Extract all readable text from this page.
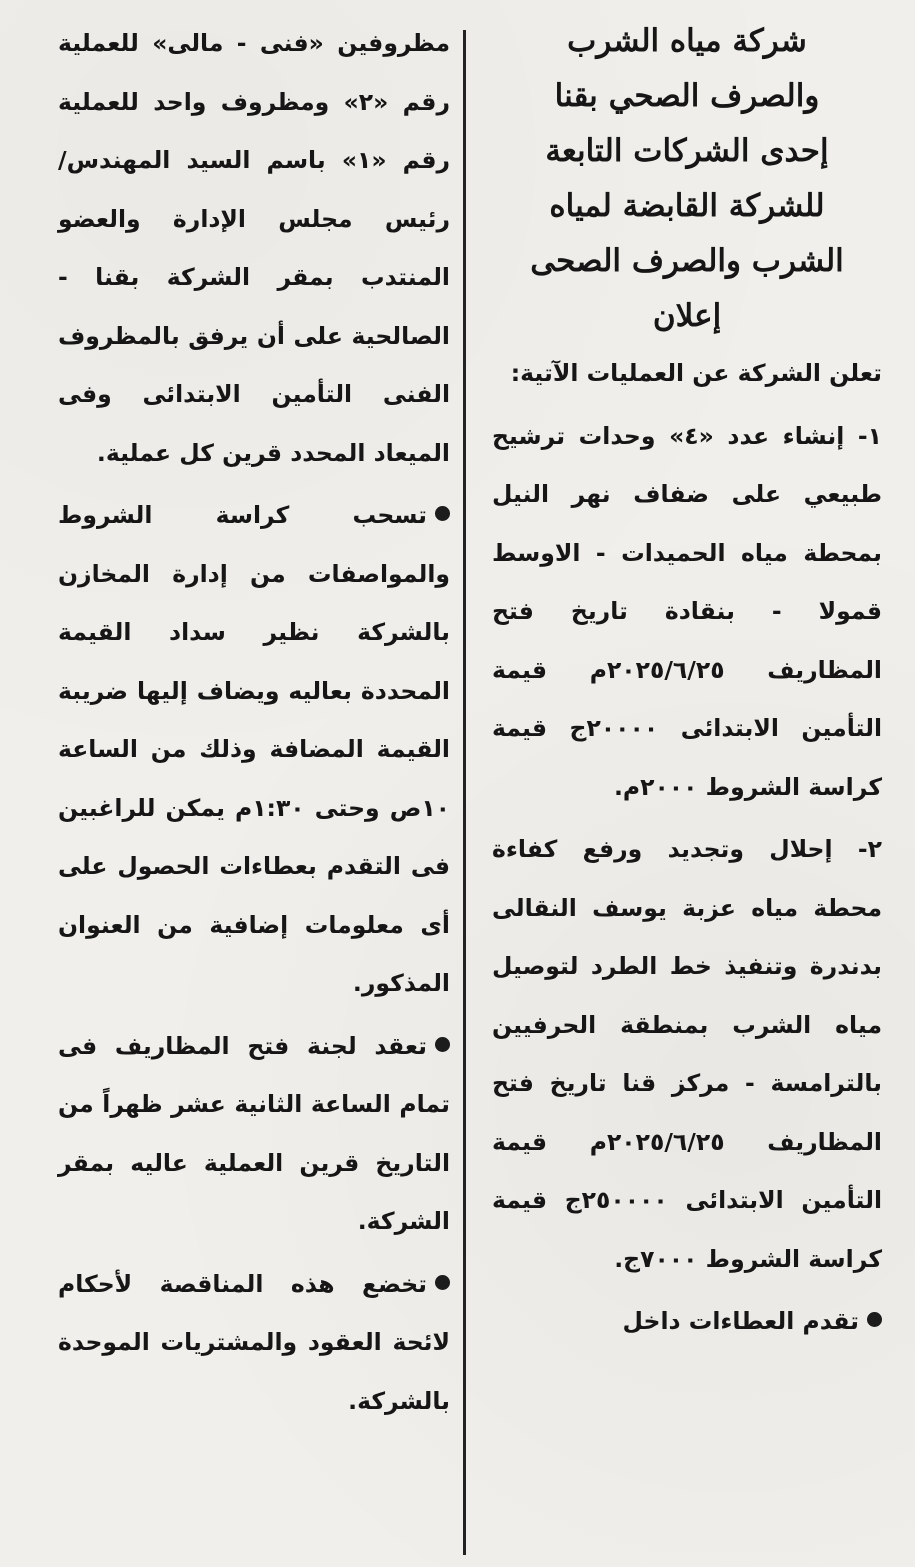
شركة مياه الشرب
والصرف الصحي بقنا
إحدى الشركات التابعة
للشركة القابضة لمياه
الشرب والصرف الصحى
إعلان

تعلن الشركة عن العمليات الآتية:

١- إنشاء عدد «٤» وحدات ترشيح طبيعي على ضفاف نهر النيل بمحطة مياه الحميدات - الاوسط قمولا - بنقادة تاريخ فتح المظاريف ٢٠٢٥/٦/٢٥م قيمة التأمين الابتدائى ٢٠٠٠٠ج قيمة كراسة الشروط ٢٠٠٠م.

٢- إحلال وتجديد ورفع كفاءة محطة مياه عزبة يوسف النقالى بدندرة وتنفيذ خط الطرد لتوصيل مياه الشرب بمنطقة الحرفيين بالترامسة - مركز قنا تاريخ فتح المظاريف ٢٠٢٥/٦/٢٥م قيمة التأمين الابتدائى ٢٥٠٠٠٠ج قيمة كراسة الشروط ٧٠٠٠ج.

تقدم العطاءات داخل

مظروفين «فنى - مالى» للعملية رقم «٢» ومظروف واحد للعملية رقم «١» باسم السيد المهندس/ رئيس مجلس الإدارة والعضو المنتدب بمقر الشركة بقنا - الصالحية على أن يرفق بالمظروف الفنى التأمين الابتدائى وفى الميعاد المحدد قرين كل عملية.

تسحب كراسة الشروط والمواصفات من إدارة المخازن بالشركة نظير سداد القيمة المحددة بعاليه ويضاف إليها ضريبة القيمة المضافة وذلك من الساعة ١٠ص وحتى ١:٣٠م يمكن للراغبين فى التقدم بعطاءات الحصول على أى معلومات إضافية من العنوان المذكور.

تعقد لجنة فتح المظاريف فى تمام الساعة الثانية عشر ظهراً من التاريخ قرين العملية عاليه بمقر الشركة.

تخضع هذه المناقصة لأحكام لائحة العقود والمشتريات الموحدة بالشركة.
